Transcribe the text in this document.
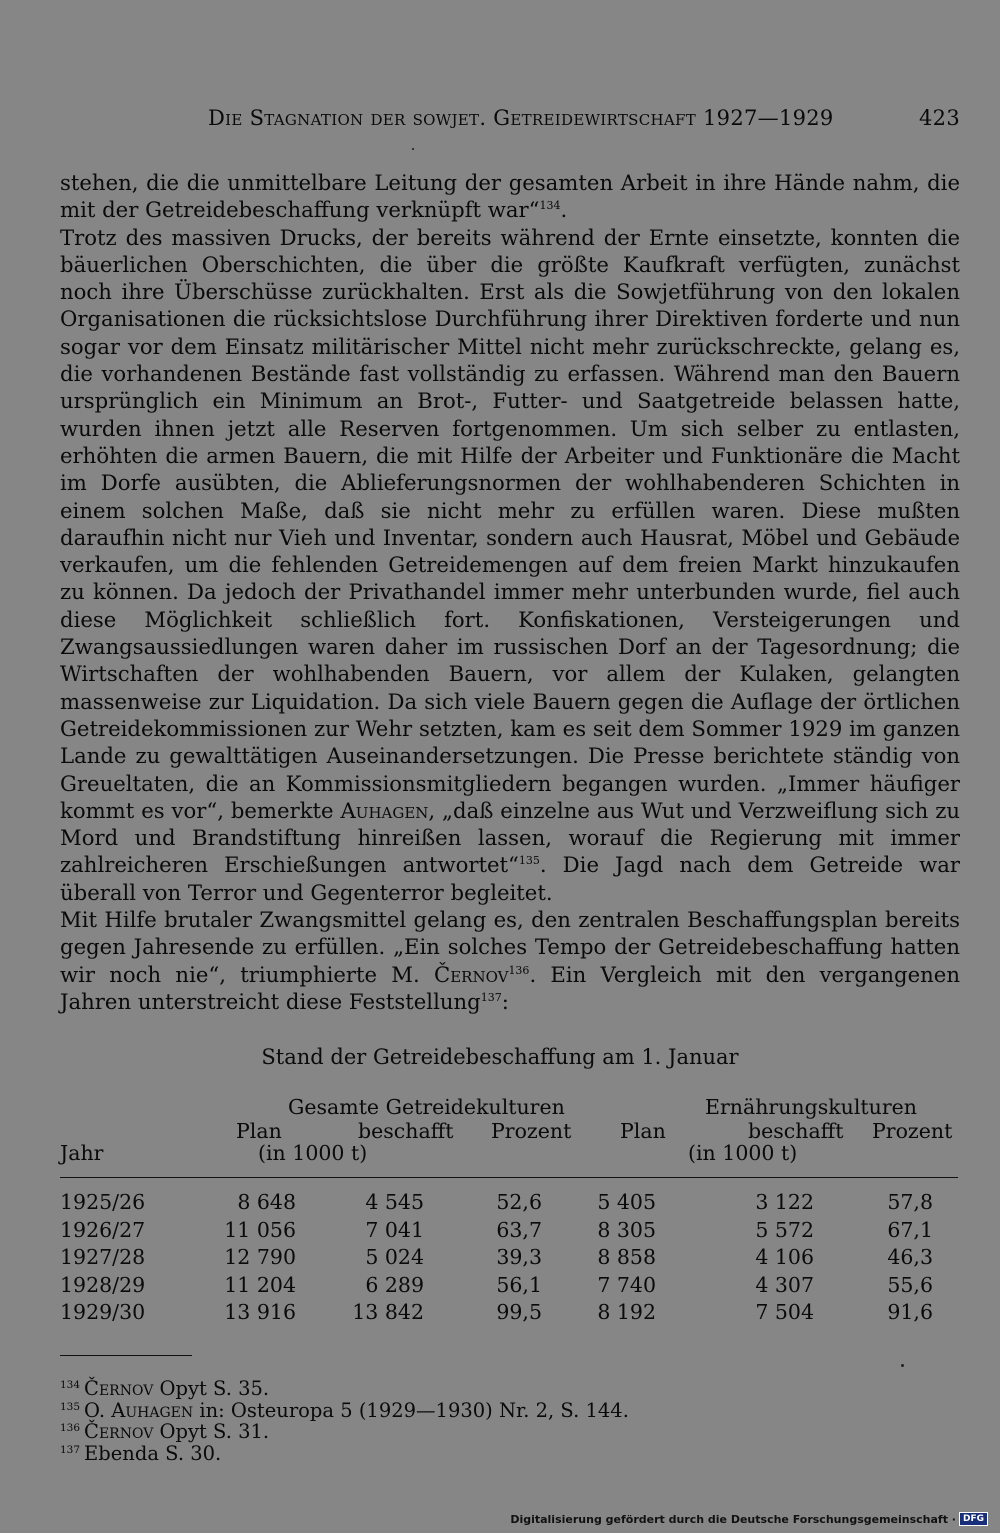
Die Stagnation der sowjet. Getreidewirtschaft 1927—1929	423

stehen, die die unmittelbare Leitung der gesamten Arbeit in ihre Hände nahm, die mit der Getreidebeschaffung verknüpft war“$^{134}$.

Trotz des massiven Drucks, der bereits während der Ernte einsetzte, konnten die bäuerlichen Oberschichten, die über die größte Kaufkraft verfügten, zunächst noch ihre Überschüsse zurückhalten. Erst als die Sowjetführung von den lokalen Organisationen die rücksichtslose Durchführung ihrer Direktiven forderte und nun sogar vor dem Einsatz militärischer Mittel nicht mehr zurückschreckte, gelang es, die vorhandenen Bestände fast vollständig zu erfassen. Während man den Bauern ursprünglich ein Minimum an Brot-, Futter- und Saatgetreide belassen hatte, wurden ihnen jetzt alle Reserven fortgenommen. Um sich selber zu entlasten, erhöhten die armen Bauern, die mit Hilfe der Arbeiter und Funktionäre die Macht im Dorfe ausübten, die Ablieferungsnormen der wohlhabenderen Schichten in einem solchen Maße, daß sie nicht mehr zu erfüllen waren. Diese mußten daraufhin nicht nur Vieh und Inventar, sondern auch Hausrat, Möbel und Gebäude verkaufen, um die fehlenden Getreidemengen auf dem freien Markt hinzukaufen zu können. Da jedoch der Privathandel immer mehr unterbunden wurde, fiel auch diese Möglichkeit schließlich fort. Konfiskationen, Versteigerungen und Zwangsaussiedlungen waren daher im russischen Dorf an der Tagesordnung; die Wirtschaften der wohlhabenden Bauern, vor allem der Kulaken, gelangten massenweise zur Liquidation. Da sich viele Bauern gegen die Auflage der örtlichen Getreidekommissionen zur Wehr setzten, kam es seit dem Sommer 1929 im ganzen Lande zu gewalttätigen Auseinandersetzungen. Die Presse berichtete ständig von Greueltaten, die an Kommissionsmitgliedern begangen wurden. „Immer häufiger kommt es vor“, bemerkte Auhagen, „daß einzelne aus Wut und Verzweiflung sich zu Mord und Brandstiftung hinreißen lassen, worauf die Regierung mit immer zahlreicheren Erschießungen antwortet“$^{135}$. Die Jagd nach dem Getreide war überall von Terror und Gegenterror begleitet.

Mit Hilfe brutaler Zwangsmittel gelang es, den zentralen Beschaffungsplan bereits gegen Jahresende zu erfüllen. „Ein solches Tempo der Getreidebeschaffung hatten wir noch nie“, triumphierte M. Černov$^{136}$. Ein Vergleich mit den vergangenen Jahren unterstreicht diese Feststellung$^{137}$:

Stand der Getreidebeschaffung am 1. Januar
Gesamte Getreidekulturen	Ernährungskulturen
Plan	beschafft Prozent Plan	beschafft Prozent
Jahr	(in 1000 t)	(in 1000 t)
1925/26	8 648	4 545	52,6	5 405	3 122	57,8
1926/27	11 056	7 041	63,7	8 305	5 572	67,1
1927/28	12 790	5 024	39,3	8 858	4 106	46,3
1928/29	11 204	6 289	56,1	7 740	4 307	55,6
1929/30	13 916	13 842	99,5	8 192	7 504	91,6
$^{134}$ Černov Opyt S. 35.
$^{135}$ O. Auhagen in: Osteuropa 5 (1929—1930) Nr. 2, S. 144.
$^{136}$ Černov Opyt S. 31.
$^{137}$ Ebenda S. 30.
Digitalisierung gefördert durch die Deutsche Forschungsgemeinschaft · DFG
